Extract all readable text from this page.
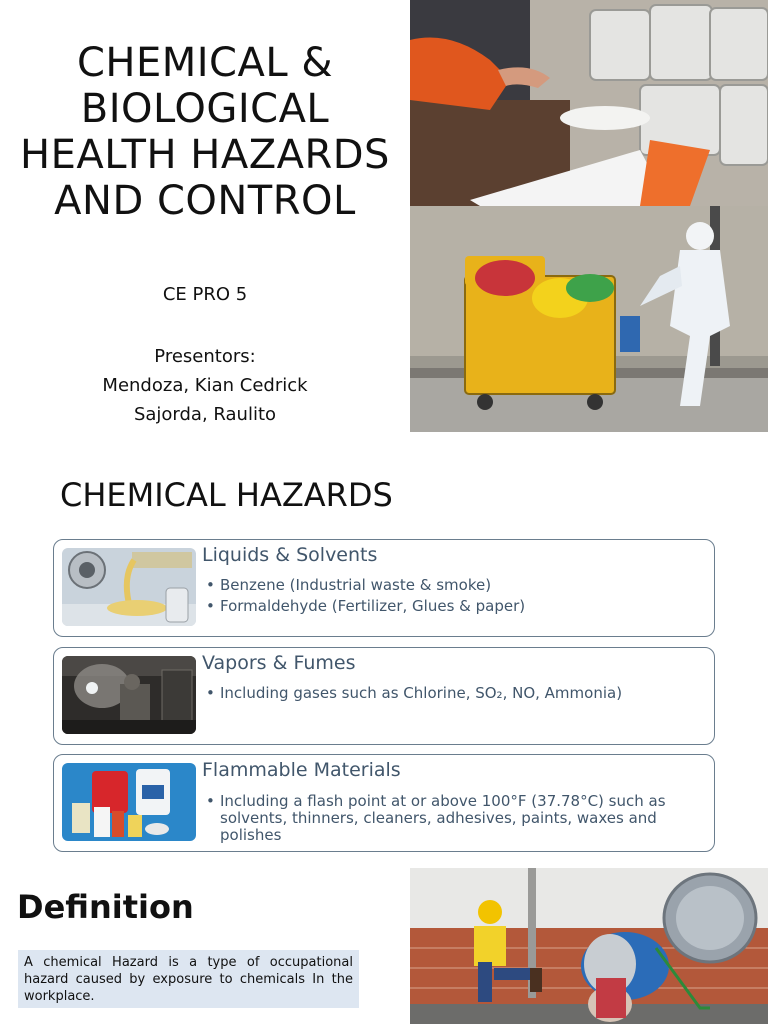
CHEMICAL &
BIOLOGICAL
HEALTH HAZARDS
AND CONTROL
CE PRO 5
Presentors:
Mendoza, Kian Cedrick
Sajorda, Raulito
CHEMICAL HAZARDS
Liquids & Solvents
• Benzene (Industrial waste & smoke)
• Formaldehyde (Fertilizer, Glues & paper)
Vapors & Fumes
• Including gases such as Chlorine, SO₂, NO, Ammonia)
Flammable Materials
• Including a flash point at or above 100°F (37.78°C) such as solvents, thinners, cleaners, adhesives, paints, waxes and polishes
Definition

A chemical Hazard is a type of occupational hazard caused by exposure to chemicals In the workplace.
